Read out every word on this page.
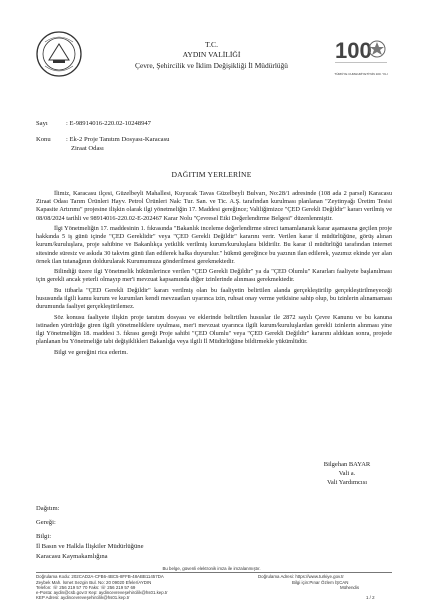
100
TÜRKİYE CUMHURİYETİ'NİN 100. YILI
T.C.
AYDIN VALİLİĞİ
Çevre, Şehircilik ve İklim Değişikliği İl Müdürlüğü
Sayı	: E-98914016-220.02-10248947
Konu	: Ek-2 Proje Tanıtım Dosyası-Karacasu
Ziraat Odası
DAĞITIM YERLERİNE

İlimiz, Karacasu ilçesi, Güzelbeyli Mahallesi, Kuyucak Tavas Güzelbeyli Bulvarı, No:28/1 adresinde (108 ada 2 parsel) Karacasu Ziraat Odası Tarım Ürünleri Hayv. Petrol Ürünleri Nak: Tur. San. ve Tic. A.Ş. tarafından kurulması planlanan "Zeytinyağı Üretim Tesisi Kapasite Artırımı" projesine ilişkin olarak ilgi yönetmeliğin 17. Maddesi gereğince; Valiliğimizce "ÇED Gerekli Değildir" kararı verilmiş ve 08/08/2024 tarihli ve 98914016-220.02-E-202467 Karar Nolu "Çevresel Etki Değerlendirme Belgesi" düzenlenmiştir.

İlgi Yönetmeliğin 17. maddesinin 1. fıkrasında "Bakanlık inceleme değerlendirme süreci tamamlanarak karar aşamasına geçilen proje hakkında 5 iş günü içinde "ÇED Gereklidir" veya "ÇED Gerekli Değildir" kararını verir. Verilen karar il müdürlüğüne, görüş alınan kurum/kuruluşlara, proje sahibine ve Bakanlıkça yetkilik verilmiş kurum/kuruluşlara bildirilir. Bu karar il müdürlüğü tarafından internet sitesinde süresiz ve askıda 30 takvim günü ilan edilerek halka duyurulur." hükmü gereğince bu yazının ilan edilerek, yazımız ekinde yer alan örnek ilan tutanağının doldurularak Kurumumuza gönderilmesi gerekmektedir.

Bilindiği üzere ilgi Yönetmelik hükümlerince verilen "ÇED Gerekli Değildir" ya da "ÇED Olumlu" Kararları faaliyete başlanılması için gerekli ancak yeterli olmayıp mer'i mevzuat kapsamında diğer izinlerinde alınması gerekmektedir.

Bu itibarla "ÇED Gerekli Değildir" kararı verilmiş olan bu faaliyetin belirtilen alanda gerçekleştirilip gerçekleştirilmeyeceği hususunda ilgili kamu kurum ve kurumları kendi mevzuatları uyarınca izin, ruhsat onay verme yetkisine sahip olup, bu izinlerin alınamaması durumunda faaliyet gerçekleştirilemez.

Söz konusu faaliyete ilişkin proje tanıtım dosyası ve eklerinde belirtilen hususlar ile 2872 sayılı Çevre Kanunu ve bu kanuna istinaden yürürlüğe giren ilgili yönetmeliklere uyulması, mer'i mevzuat uyarınca ilgili kurum/kuruluşlardan gerekli izinlerin alınması yine ilgi Yönetmeliğin 18. maddesi 3. fıkrası gereği Proje sahibi "ÇED Olumlu" veya "ÇED Gerekli Değildir" kararını aldıktan sonra, projede planlanan bu Yönetmeliğe tabi değişiklikleri Bakanlığa veya ilgili İl Müdürlüğüne bildirmekle yükümlüdür.

Bilgi ve gereğini rica ederim.

Bilgehan BAYAR
Vali a.
Vali Yardımcısı
Dağıtım:
Gereği:
Bilgi:
İl Basın ve Halkla İlişkiler Müdürlüğüne
Karacasu Kaymakamlığına
Bu belge, güvenli elektronik imza ile imzalanmıştır.
Doğrulama Kodu: 202CAD2A-CFB6-4BC5-8FFB-48ABB11457DA	Doğrulama Adresi: https://www.turkiye.gov.tr
Zeybek Mah. İsmet Sezgin Bul. No: 20 09020 Efeler/AYDIN	Bilgi için:Pınar Özlem İŞCAN
Telefon: ☏ 256 219 57 70 Faks: ☏ 256 219 57 69	Mühendis
e-Posta: aydin@csb.gov.tr Kep: aydincevreveşehircilik@hs01.kep.tr
KEP Adresi: aydincevreveşehircilik@hs01.kep.tr	1 / 2
